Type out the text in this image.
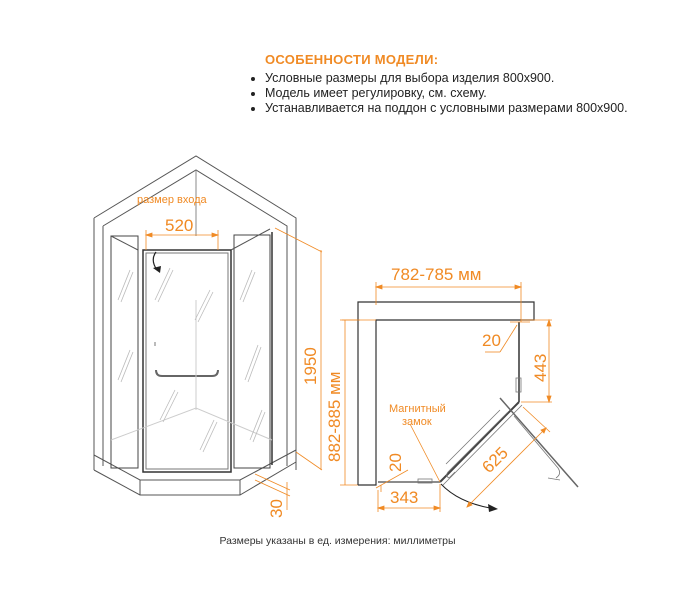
ОСОБЕННОСТИ МОДЕЛИ:
Условные размеры для выбора изделия 800х900.
Модель имеет регулировку, см. схему.
Устанавливается на поддон с условными размерами 800х900.
размер входа
520
1950
882-885 мм
30
782-785 мм
20
443
Магнитный
замок
20
343
625
Размеры указаны в ед. измерения: миллиметры
